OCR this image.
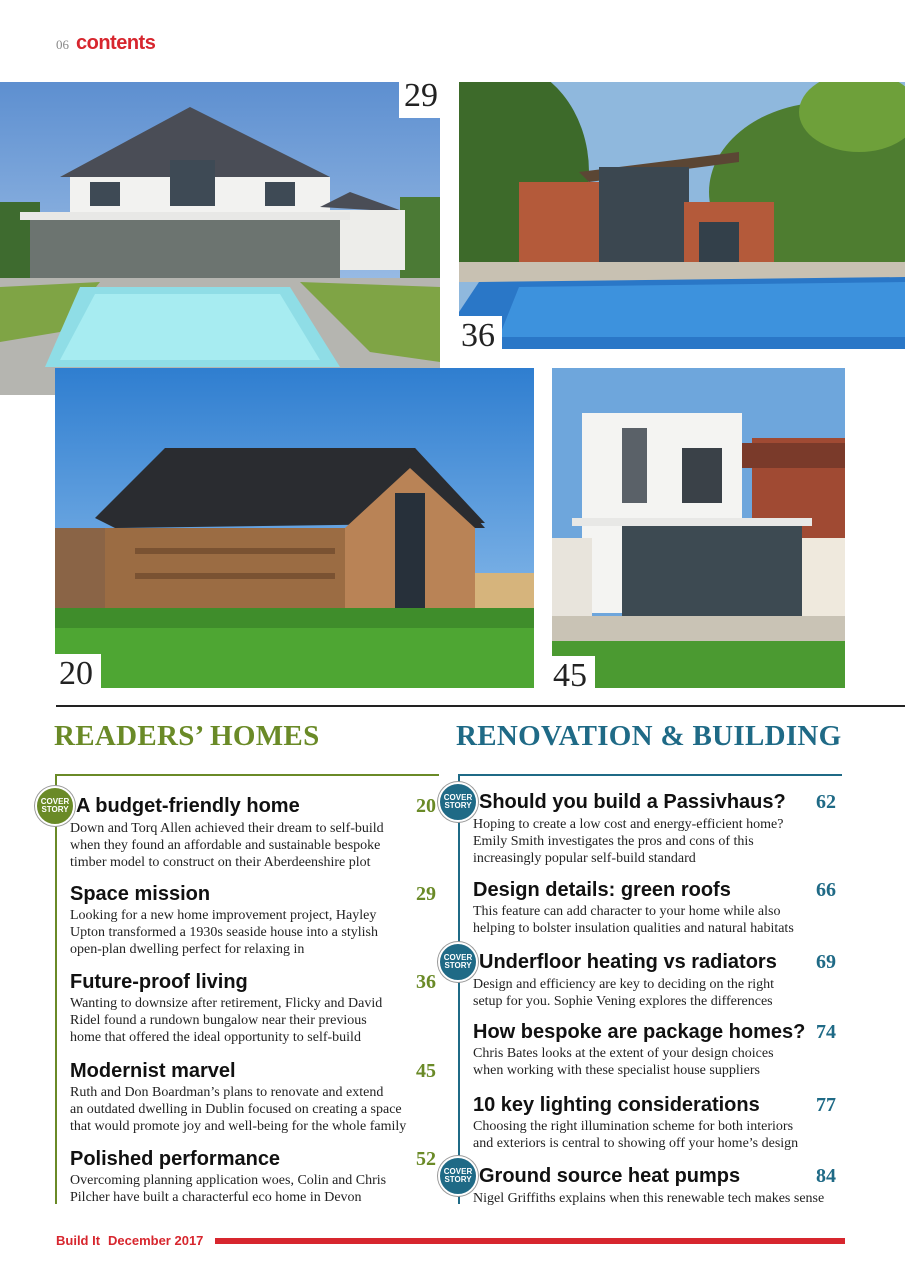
06 contents
29
36
20	45
READERS’ HOMES	RENOVATION & BUILDING
COVER
STORY A budget-friendly home	20
Down and Torq Allen achieved their dream to self-build
when they found an affordable and sustainable bespoke
timber model to construct on their Aberdeenshire plot
Space mission	29
Looking for a new home improvement project, Hayley
Upton transformed a 1930s seaside house into a stylish
open-plan dwelling perfect for relaxing in
Future-proof living	36
Wanting to downsize after retirement, Flicky and David
Ridel found a rundown bungalow near their previous
home that offered the ideal opportunity to self-build
Modernist marvel	45
Ruth and Don Boardman’s plans to renovate and extend
an outdated dwelling in Dublin focused on creating a space
that would promote joy and well-being for the whole family
Polished performance	52
Overcoming planning application woes, Colin and Chris
Pilcher have built a characterful eco home in Devon
COVER
STORY Should you build a Passivhaus?	62
Hoping to create a low cost and energy-efficient home?
Emily Smith investigates the pros and cons of this
increasingly popular self-build standard
Design details: green roofs	66
This feature can add character to your home while also
helping to bolster insulation qualities and natural habitats
COVER
STORY Underfloor heating vs radiators	69
Design and efficiency are key to deciding on the right
setup for you. Sophie Vening explores the differences
How bespoke are package homes? 74
Chris Bates looks at the extent of your design choices
when working with these specialist house suppliers
10 key lighting considerations	77
Choosing the right illumination scheme for both interiors
and exteriors is central to showing off your home’s design
COVER
STORY Ground source heat pumps	84
Nigel Griffiths explains when this renewable tech makes sense
Build It December 2017
